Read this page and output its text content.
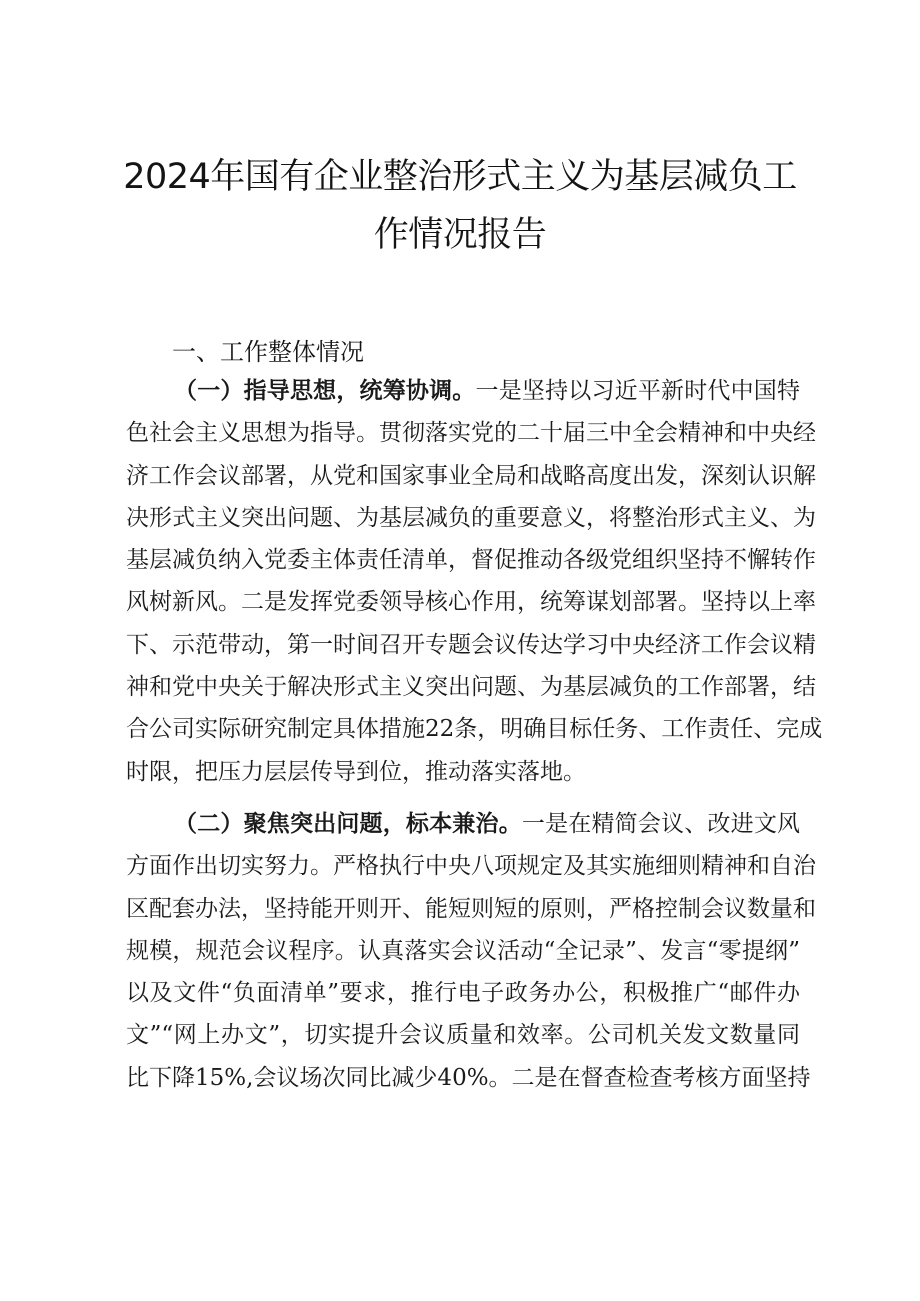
2024年国有企业整治形式主义为基层减负工
作情况报告
一、工作整体情况
（一）指导思想，统筹协调。一是坚持以习近平新时代中国特
色社会主义思想为指导。贯彻落实党的二十届三中全会精神和中央经
济工作会议部署，从党和国家事业全局和战略高度出发，深刻认识解
决形式主义突出问题、为基层减负的重要意义，将整治形式主义、为
基层减负纳入党委主体责任清单，督促推动各级党组织坚持不懈转作
风树新风。二是发挥党委领导核心作用，统筹谋划部署。坚持以上率
下、示范带动，第一时间召开专题会议传达学习中央经济工作会议精
神和党中央关于解决形式主义突出问题、为基层减负的工作部署，结
合公司实际研究制定具体措施22条，明确目标任务、工作责任、完成
时限，把压力层层传导到位，推动落实落地。
（二）聚焦突出问题，标本兼治。一是在精简会议、改进文风
方面作出切实努力。严格执行中央八项规定及其实施细则精神和自治
区配套办法，坚持能开则开、能短则短的原则，严格控制会议数量和
规模，规范会议程序。认真落实会议活动“全记录”、发言“零提纲”
以及文件“负面清单”要求，推行电子政务办公，积极推广“邮件办
文”“网上办文”，切实提升会议质量和效率。公司机关发文数量同
比下降15%,会议场次同比减少40%。二是在督查检查考核方面坚持
